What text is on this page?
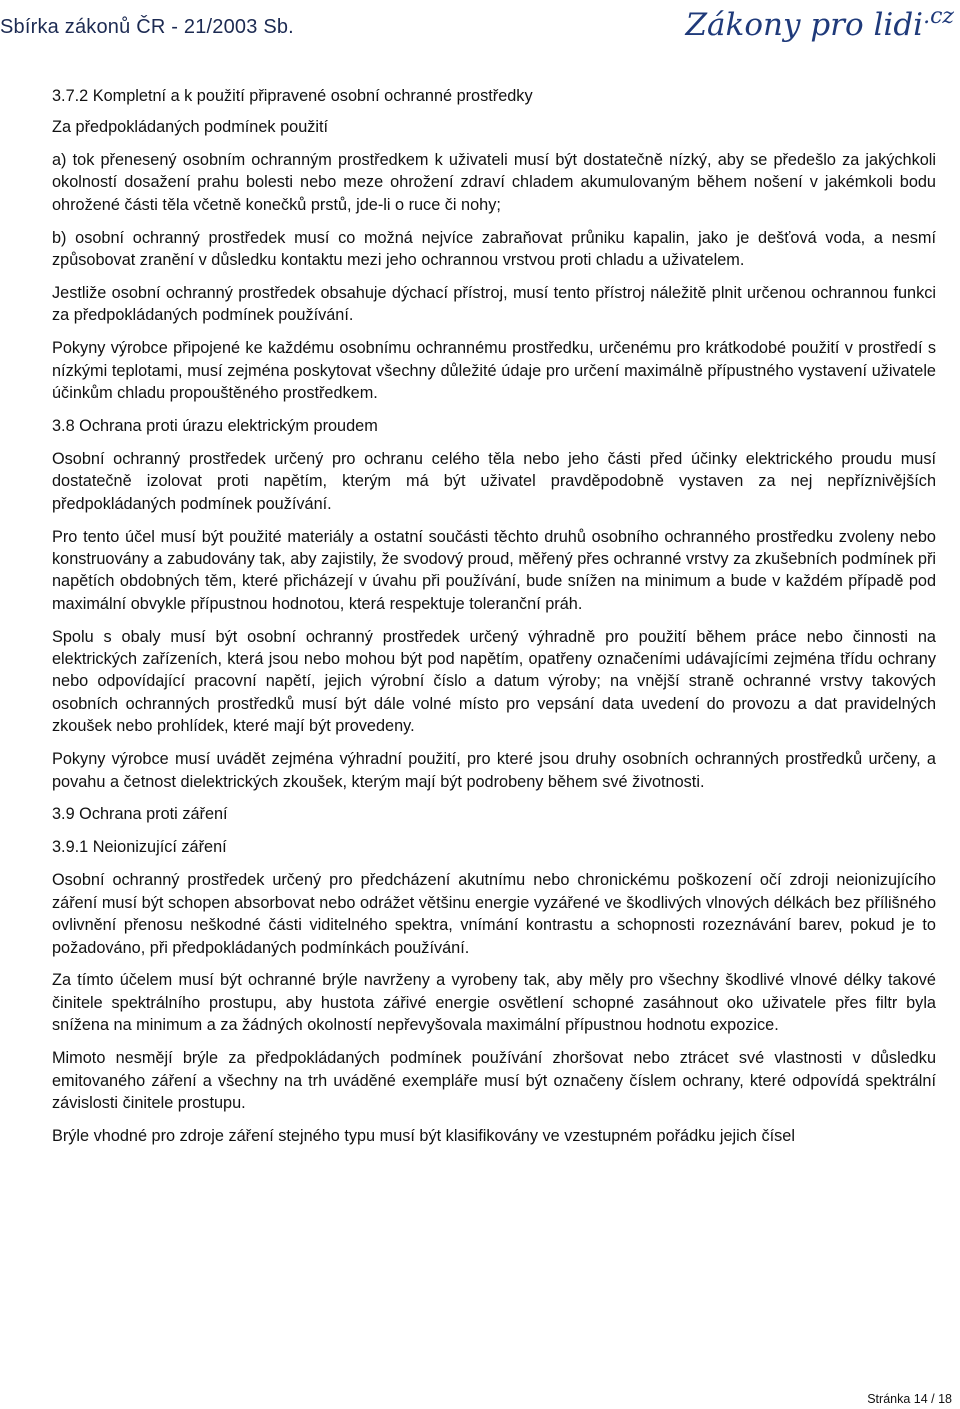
Sbírka zákonů ČR - 21/2003 Sb.	Zákony pro lidi$^{.cz}$

3.7.2 Kompletní a k použití připravené osobní ochranné prostředky

Za předpokládaných podmínek použití

a) tok přenesený osobním ochranným prostředkem k uživateli musí být dostatečně nízký, aby se předešlo za jakýchkoli okolností dosažení prahu bolesti nebo meze ohrožení zdraví chladem akumulovaným během nošení v jakémkoli bodu ohrožené části těla včetně konečků prstů, jde-li o ruce či nohy;

b) osobní ochranný prostředek musí co možná nejvíce zabraňovat průniku kapalin, jako je dešťová voda, a nesmí způsobovat zranění v důsledku kontaktu mezi jeho ochrannou vrstvou proti chladu a uživatelem.

Jestliže osobní ochranný prostředek obsahuje dýchací přístroj, musí tento přístroj náležitě plnit určenou ochrannou funkci za předpokládaných podmínek používání.

Pokyny výrobce připojené ke každému osobnímu ochrannému prostředku, určenému pro krátkodobé použití v prostředí s nízkými teplotami, musí zejména poskytovat všechny důležité údaje pro určení maximálně přípustného vystavení uživatele účinkům chladu propouštěného prostředkem.

3.8 Ochrana proti úrazu elektrickým proudem

Osobní ochranný prostředek určený pro ochranu celého těla nebo jeho části před účinky elektrického proudu musí dostatečně izolovat proti napětím, kterým má být uživatel pravděpodobně vystaven za nej nepříznivějších předpokládaných podmínek používání.

Pro tento účel musí být použité materiály a ostatní součásti těchto druhů osobního ochranného prostředku zvoleny nebo konstruovány a zabudovány tak, aby zajistily, že svodový proud, měřený přes ochranné vrstvy za zkušebních podmínek při napětích obdobných těm, které přicházejí v úvahu při používání, bude snížen na minimum a bude v každém případě pod maximální obvykle přípustnou hodnotou, která respektuje toleranční práh.

Spolu s obaly musí být osobní ochranný prostředek určený výhradně pro použití během práce nebo činnosti na elektrických zařízeních, která jsou nebo mohou být pod napětím, opatřeny označeními udávajícími zejména třídu ochrany nebo odpovídající pracovní napětí, jejich výrobní číslo a datum výroby; na vnější straně ochranné vrstvy takových osobních ochranných prostředků musí být dále volné místo pro vepsání data uvedení do provozu a dat pravidelných zkoušek nebo prohlídek, které mají být provedeny.

Pokyny výrobce musí uvádět zejména výhradní použití, pro které jsou druhy osobních ochranných prostředků určeny, a povahu a četnost dielektrických zkoušek, kterým mají být podrobeny během své životnosti.

3.9 Ochrana proti záření

3.9.1 Neionizující záření

Osobní ochranný prostředek určený pro předcházení akutnímu nebo chronickému poškození očí zdroji neionizujícího záření musí být schopen absorbovat nebo odrážet většinu energie vyzářené ve škodlivých vlnových délkách bez přílišného ovlivnění přenosu neškodné části viditelného spektra, vnímání kontrastu a schopnosti rozeznávání barev, pokud je to požadováno, při předpokládaných podmínkách používání.

Za tímto účelem musí být ochranné brýle navrženy a vyrobeny tak, aby měly pro všechny škodlivé vlnové délky takové činitele spektrálního prostupu, aby hustota zářivé energie osvětlení schopné zasáhnout oko uživatele přes filtr byla snížena na minimum a za žádných okolností nepřevyšovala maximální přípustnou hodnotu expozice.

Mimoto nesmějí brýle za předpokládaných podmínek používání zhoršovat nebo ztrácet své vlastnosti v důsledku emitovaného záření a všechny na trh uváděné exempláře musí být označeny číslem ochrany, které odpovídá spektrální závislosti činitele prostupu.

Brýle vhodné pro zdroje záření stejného typu musí být klasifikovány ve vzestupném pořádku jejich čísel

Stránka 14 / 18
